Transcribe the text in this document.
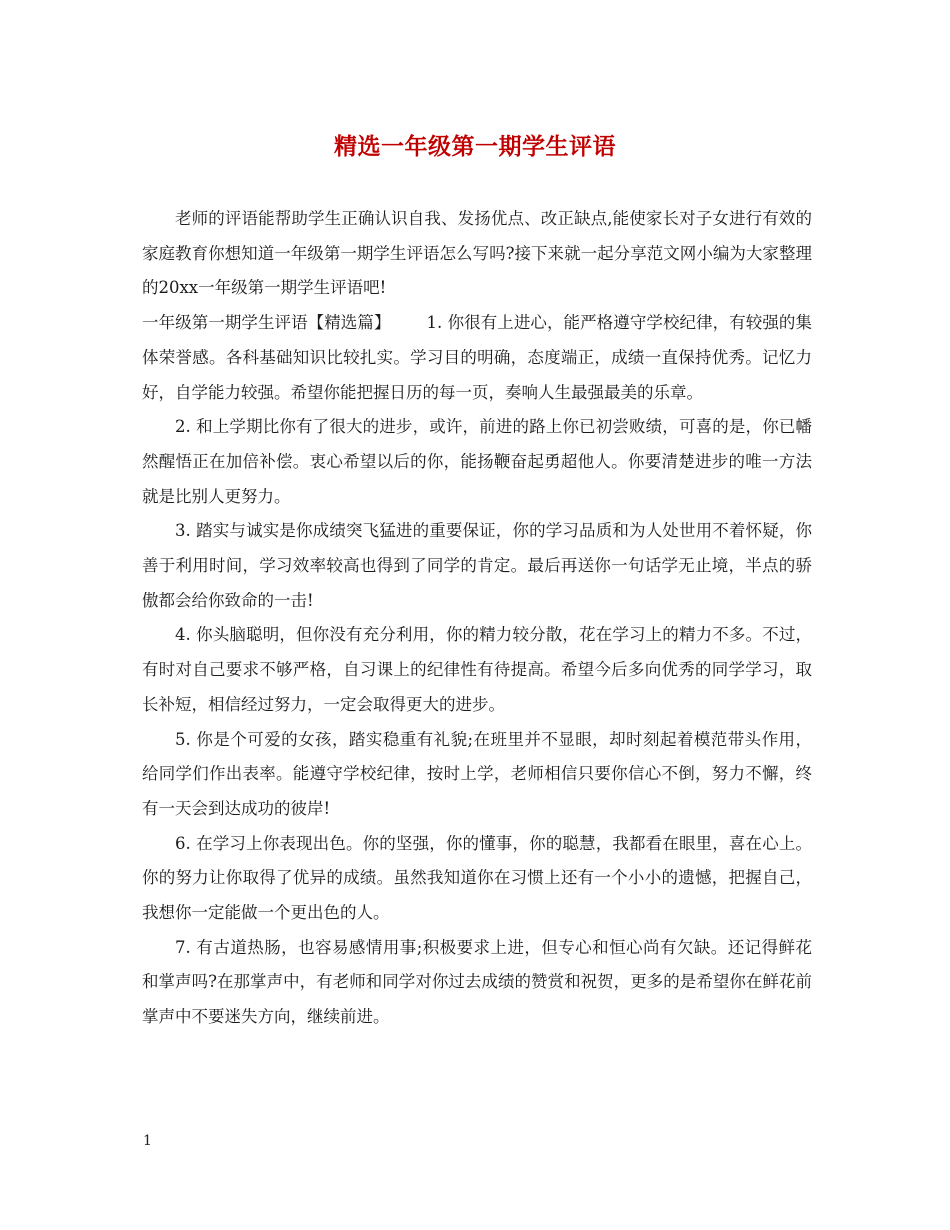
精选一年级第一期学生评语

老师的评语能帮助学生正确认识自我、发扬优点、改正缺点,能使家长对子女进行有效的家庭教育你想知道一年级第一期学生评语怎么写吗?接下来就一起分享范文网小编为大家整理的20xx一年级第一期学生评语吧!

一年级第一期学生评语【精选篇】 1. 你很有上进心，能严格遵守学校纪律，有较强的集体荣誉感。各科基础知识比较扎实。学习目的明确，态度端正，成绩一直保持优秀。记忆力好，自学能力较强。希望你能把握日历的每一页，奏响人生最强最美的乐章。

2. 和上学期比你有了很大的进步，或许，前进的路上你已初尝败绩，可喜的是，你已幡然醒悟正在加倍补偿。衷心希望以后的你，能扬鞭奋起勇超他人。你要清楚进步的唯一方法就是比别人更努力。

3. 踏实与诚实是你成绩突飞猛进的重要保证，你的学习品质和为人处世用不着怀疑，你善于利用时间，学习效率较高也得到了同学的肯定。最后再送你一句话学无止境，半点的骄傲都会给你致命的一击!

4. 你头脑聪明，但你没有充分利用，你的精力较分散，花在学习上的精力不多。不过，有时对自己要求不够严格，自习课上的纪律性有待提高。希望今后多向优秀的同学学习，取长补短，相信经过努力，一定会取得更大的进步。

5. 你是个可爱的女孩，踏实稳重有礼貌;在班里并不显眼，却时刻起着模范带头作用，给同学们作出表率。能遵守学校纪律，按时上学，老师相信只要你信心不倒，努力不懈，终有一天会到达成功的彼岸!

6. 在学习上你表现出色。你的坚强，你的懂事，你的聪慧，我都看在眼里，喜在心上。你的努力让你取得了优异的成绩。虽然我知道你在习惯上还有一个小小的遗憾，把握自己，我想你一定能做一个更出色的人。

7. 有古道热肠，也容易感情用事;积极要求上进，但专心和恒心尚有欠缺。还记得鲜花和掌声吗?在那掌声中，有老师和同学对你过去成绩的赞赏和祝贺，更多的是希望你在鲜花前掌声中不要迷失方向，继续前进。

1
